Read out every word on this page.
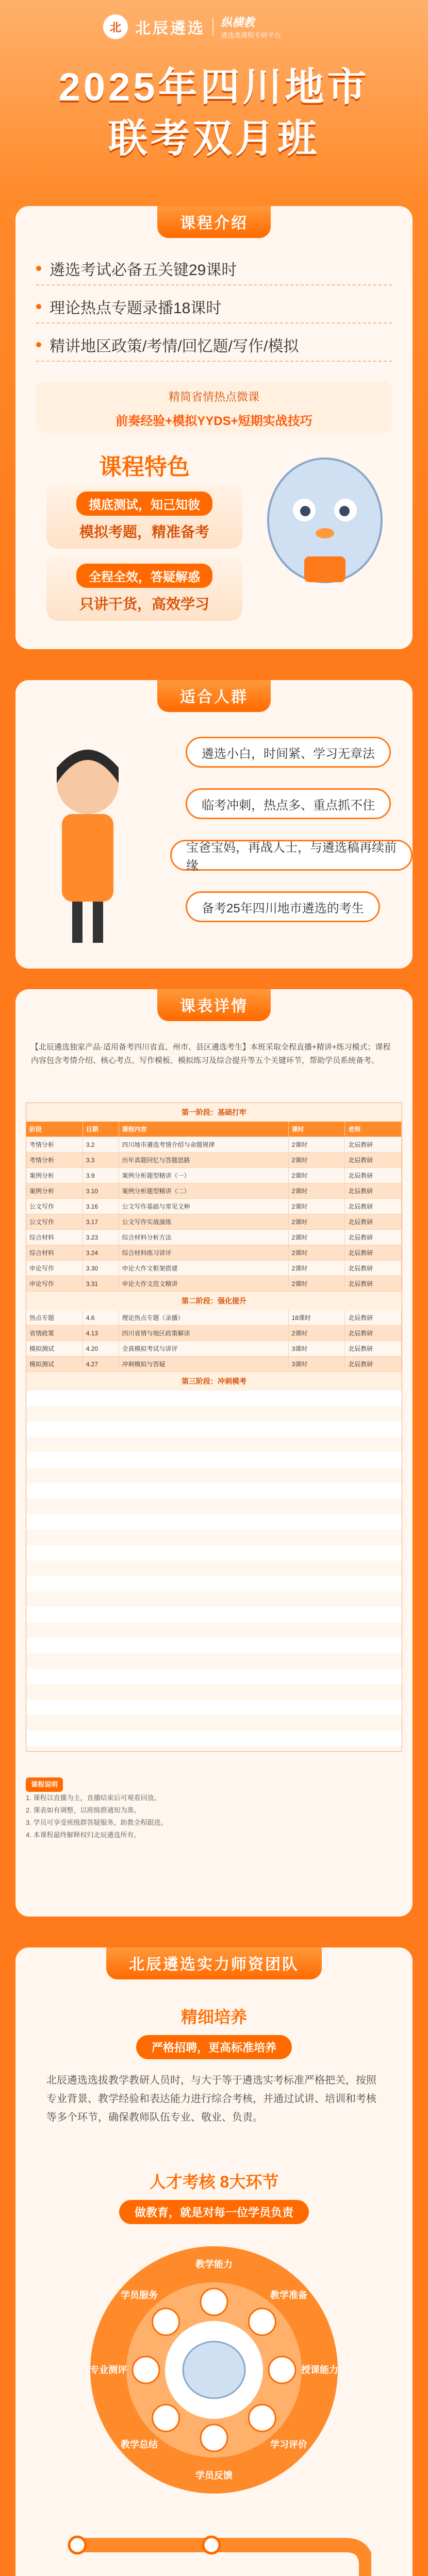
北 北辰遴选 纵横教
遴选类课程专研平台
2025年四川地市
联考双月班
课程介绍
遴选考试必备五关键29课时
理论热点专题录播18课时
精讲地区政策/考情/回忆题/写作/模拟
精简省情热点微课
前奏经验+模拟YYDS+短期实战技巧
课程特色
摸底测试，知己知彼
模拟考题，精准备考
全程全效，答疑解惑
只讲干货，高效学习
适合人群
遴选小白，时间紧、学习无章法
临考冲刺，热点多、重点抓不住
宝爸宝妈，再战人士，与遴选稿再续前缘
备考25年四川地市遴选的考生
课表详情
【北辰遴选独家产品·适用备考四川省直、州市、县区遴选考生】本班采取全程直播+精讲+练习模式；课程内容包含考情介绍、核心考点、写作模板、模拟练习及综合提升等五个关键环节，帮助学员系统备考。
第一阶段：基础打牢
阶段	日期	课程内容	课时	老师
考情分析	3.2	四川地市遴选考情介绍与命题规律	2课时	北辰教研
考情分析	3.3	历年真题回忆与答题思路	2课时	北辰教研
案例分析	3.9	案例分析题型精讲（一）	2课时	北辰教研
案例分析	3.10	案例分析题型精讲（二）	2课时	北辰教研
公文写作	3.16	公文写作基础与常见文种	2课时	北辰教研
公文写作	3.17	公文写作实战演练	2课时	北辰教研
综合材料	3.23	综合材料分析方法	2课时	北辰教研
综合材料	3.24	综合材料练习讲评	2课时	北辰教研
申论写作	3.30	申论大作文框架搭建	2课时	北辰教研
申论写作	3.31	申论大作文范文精讲	2课时	北辰教研
第二阶段：强化提升
热点专题	4.6	理论热点专题（录播）	18课时	北辰教研
省情政策	4.13	四川省情与地区政策解读	2课时	北辰教研
模拟测试	4.20	全真模拟考试与讲评	3课时	北辰教研
模拟测试	4.27	冲刺模拟与答疑	3课时	北辰教研
第三阶段：冲刺模考
课程说明
1. 课程以直播为主，直播结束后可观看回放。
2. 课表如有调整，以班级群通知为准。
3. 学员可享受班级群答疑服务，助教全程跟进。
4. 本课程最终解释权归北辰遴选所有。
北辰遴选实力师资团队
精细培养
严格招聘，更高标准培养
北辰遴选选拔教学教研人员时，与大于等于遴选实考标准严格把关，按照专业背景、教学经验和表达能力进行综合考核，并通过试讲、培训和考核等多个环节，确保教师队伍专业、敬业、负责。
人才考核 8大环节
做教育，就是对每一位学员负责
教学能力
教学准备
授课能力
学习评价
学员反馈
教学总结
专业测评
学员服务
